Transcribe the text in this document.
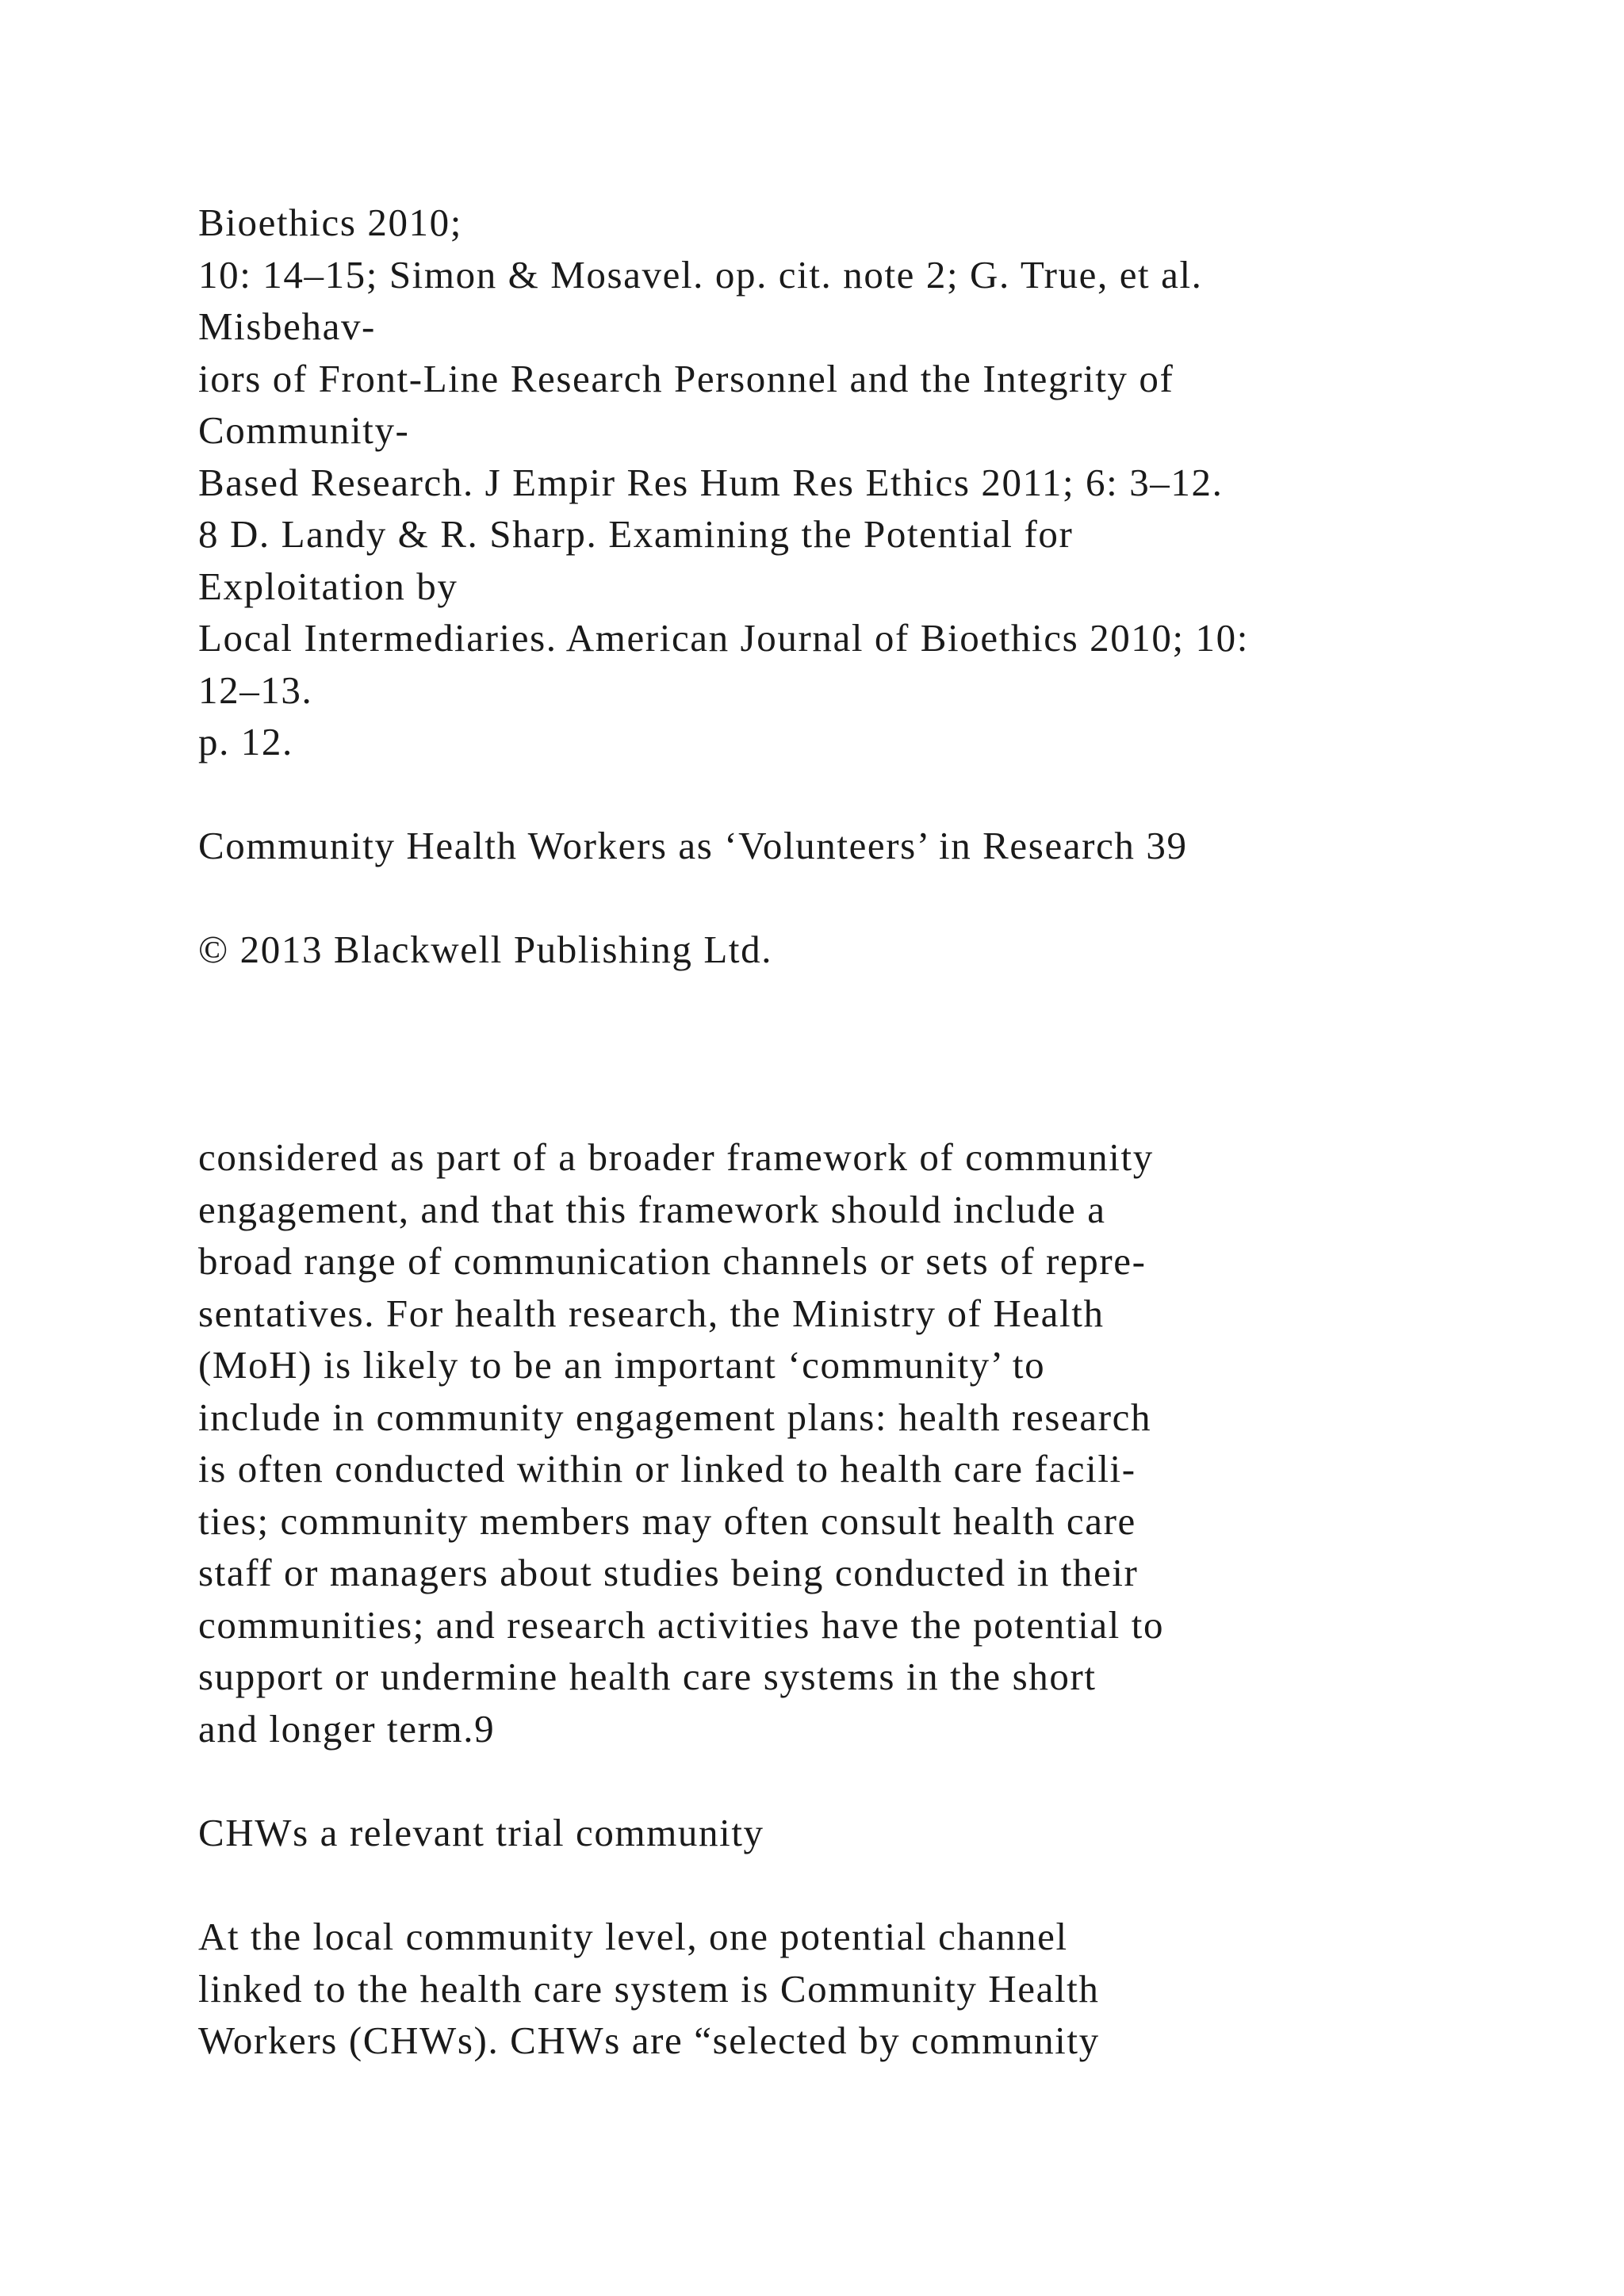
Bioethics 2010;
10: 14–15; Simon & Mosavel. op. cit. note 2; G. True, et al.
Misbehav-
iors of Front-Line Research Personnel and the Integrity of
Community-
Based Research. J Empir Res Hum Res Ethics 2011; 6: 3–12.
8 D. Landy & R. Sharp. Examining the Potential for
Exploitation by
Local Intermediaries. American Journal of Bioethics 2010; 10:
12–13.
p. 12.
Community Health Workers as ‘Volunteers’ in Research 39
© 2013 Blackwell Publishing Ltd.
considered as part of a broader framework of community
engagement, and that this framework should include a
broad range of communication channels or sets of repre-
sentatives. For health research, the Ministry of Health
(MoH) is likely to be an important ‘community’ to
include in community engagement plans: health research
is often conducted within or linked to health care facili-
ties; community members may often consult health care
staff or managers about studies being conducted in their
communities; and research activities have the potential to
support or undermine health care systems in the short
and longer term.9
CHWs a relevant trial community
At the local community level, one potential channel
linked to the health care system is Community Health
Workers (CHWs). CHWs are “selected by community
